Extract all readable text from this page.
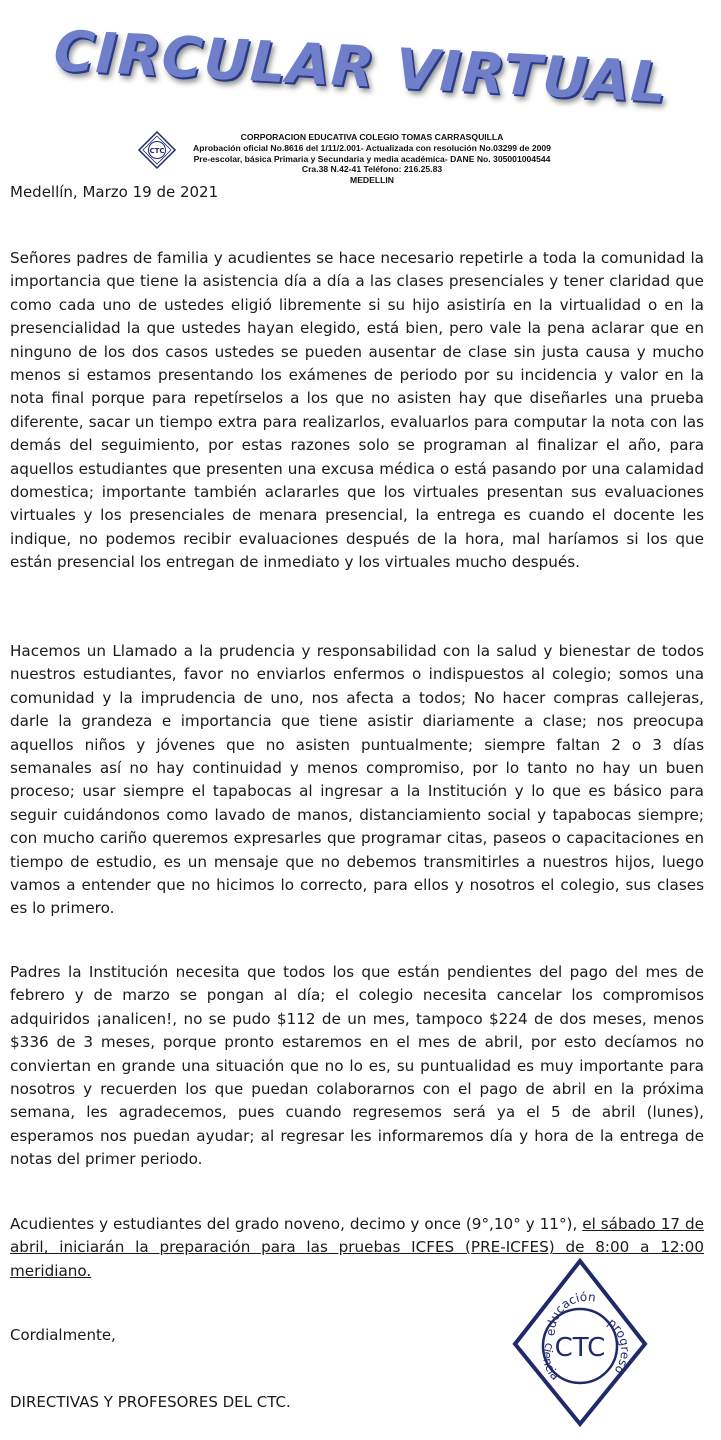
CIRCULAR VIRTUAL
CTC
CORPORACION EDUCATIVA COLEGIO TOMAS CARRASQUILLA
Aprobación oficial No.8616 del 1/11/2.001- Actualizada con resolución No.03299 de 2009
Pre-escolar, básica Primaria y Secundaria y media académica- DANE No. 305001004544
Cra.38 N.42-41 Teléfono: 216.25.83
MEDELLIN
Medellín, Marzo 19 de 2021

Señores padres de familia y acudientes se hace necesario repetirle a toda la comunidad la importancia que tiene la asistencia día a día a las clases presenciales y tener claridad que como cada uno de ustedes eligió libremente si su hijo asistiría en la virtualidad o en la presencialidad la que ustedes hayan elegido, está bien, pero vale la pena aclarar que en ninguno de los dos casos ustedes se pueden ausentar de clase sin justa causa y mucho menos si estamos presentando los exámenes de periodo por su incidencia y valor en la nota final porque para repetírselos a los que no asisten hay que diseñarles una prueba diferente, sacar un tiempo extra para realizarlos, evaluarlos para computar la nota con las demás del seguimiento, por estas razones solo se programan al finalizar el año, para aquellos estudiantes que presenten una excusa médica o está pasando por una calamidad domestica; importante también aclararles que los virtuales presentan sus evaluaciones virtuales y los presenciales de menara presencial, la entrega es cuando el docente les indique, no podemos recibir evaluaciones después de la hora, mal haríamos si los que están presencial los entregan de inmediato y los virtuales mucho después.

Hacemos un Llamado a la prudencia y responsabilidad con la salud y bienestar de todos nuestros estudiantes, favor no enviarlos enfermos o indispuestos al colegio; somos una comunidad y la imprudencia de uno, nos afecta a todos; No hacer compras callejeras, darle la grandeza e importancia que tiene asistir diariamente a clase; nos preocupa aquellos niños y jóvenes que no asisten puntualmente; siempre faltan 2 o 3 días semanales así no hay continuidad y menos compromiso, por lo tanto no hay un buen proceso; usar siempre el tapabocas al ingresar a la Institución y lo que es básico para seguir cuidándonos como lavado de manos, distanciamiento social y tapabocas siempre; con mucho cariño queremos expresarles que programar citas, paseos o capacitaciones en tiempo de estudio, es un mensaje que no debemos transmitirles a nuestros hijos, luego vamos a entender que no hicimos lo correcto, para ellos y nosotros el colegio, sus clases es lo primero.

Padres la Institución necesita que todos los que están pendientes del pago del mes de febrero y de marzo se pongan al día; el colegio necesita cancelar los compromisos adquiridos ¡analicen!, no se pudo $112 de un mes, tampoco $224 de dos meses, menos $336 de 3 meses, porque pronto estaremos en el mes de abril, por esto decíamos no conviertan en grande una situación que no lo es, su puntualidad es muy importante para nosotros y recuerden los que puedan colaborarnos con el pago de abril en la próxima semana, les agradecemos, pues cuando regresemos será ya el 5 de abril (lunes), esperamos nos puedan ayudar; al regresar les informaremos día y hora de la entrega de notas del primer periodo.

Acudientes y estudiantes del grado noveno, decimo y once (9°,10° y 11°), el sábado 17 de abril, iniciarán la preparación para las pruebas ICFES (PRE-ICFES) de 8:00 a 12:00 meridiano.

Cordialmente,
DIRECTIVAS Y PROFESORES DEL CTC.
educación
progreso
ciencia
CTC
